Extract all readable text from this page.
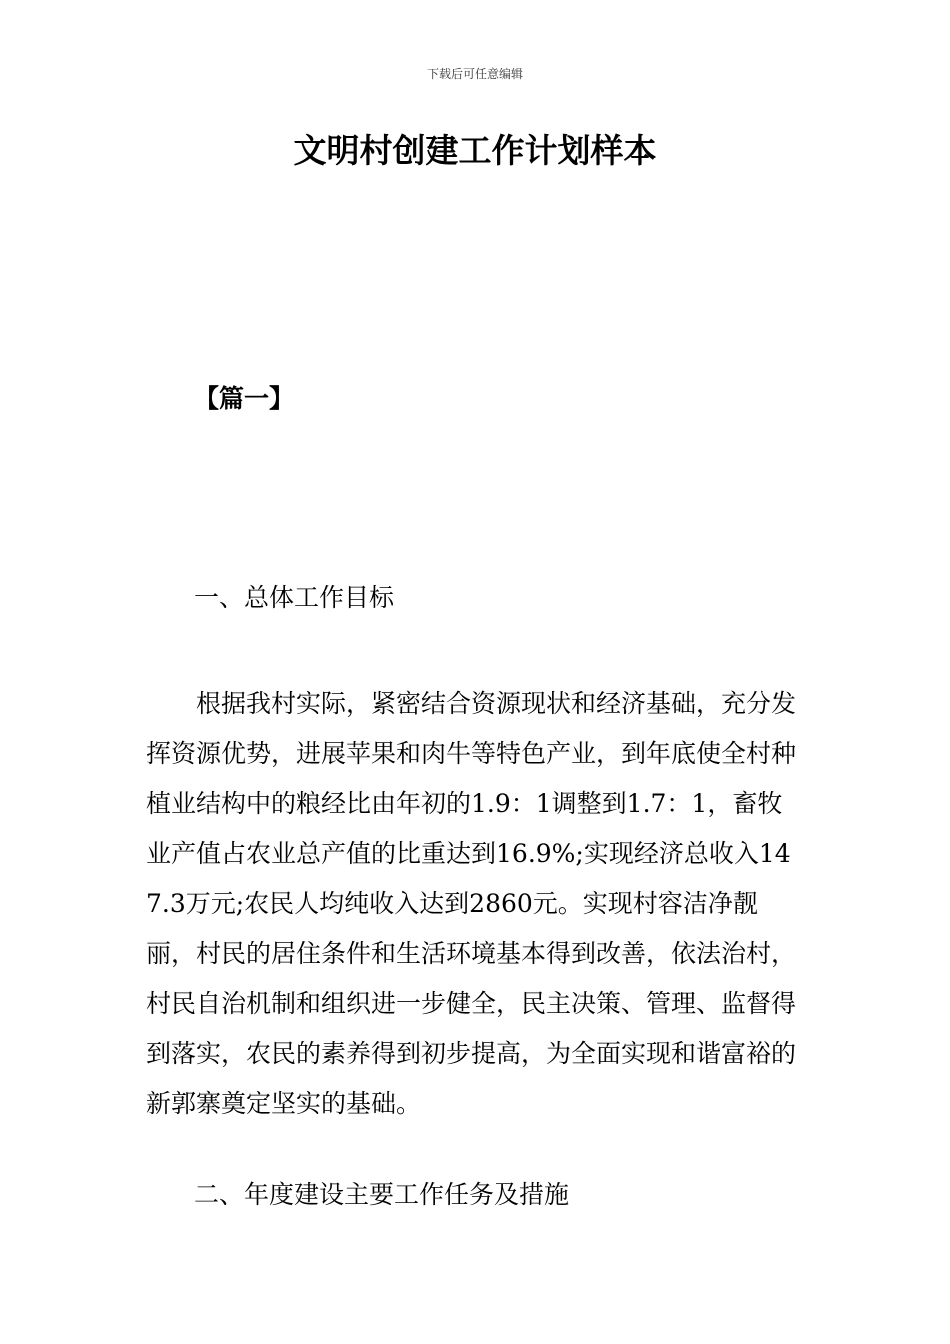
下载后可任意编辑
文明村创建工作计划样本

【篇一】

一、总体工作目标

根据我村实际，紧密结合资源现状和经济基础，充分发挥资源优势，进展苹果和肉牛等特色产业，到年底使全村种植业结构中的粮经比由年初的1.9：1调整到1.7：1，畜牧业产值占农业总产值的比重达到16.9%;实现经济总收入147.3万元;农民人均纯收入达到2860元。实现村容洁净靓丽，村民的居住条件和生活环境基本得到改善，依法治村，村民自治机制和组织进一步健全，民主决策、管理、监督得到落实，农民的素养得到初步提高，为全面实现和谐富裕的新郭寨奠定坚实的基础。

二、年度建设主要工作任务及措施
